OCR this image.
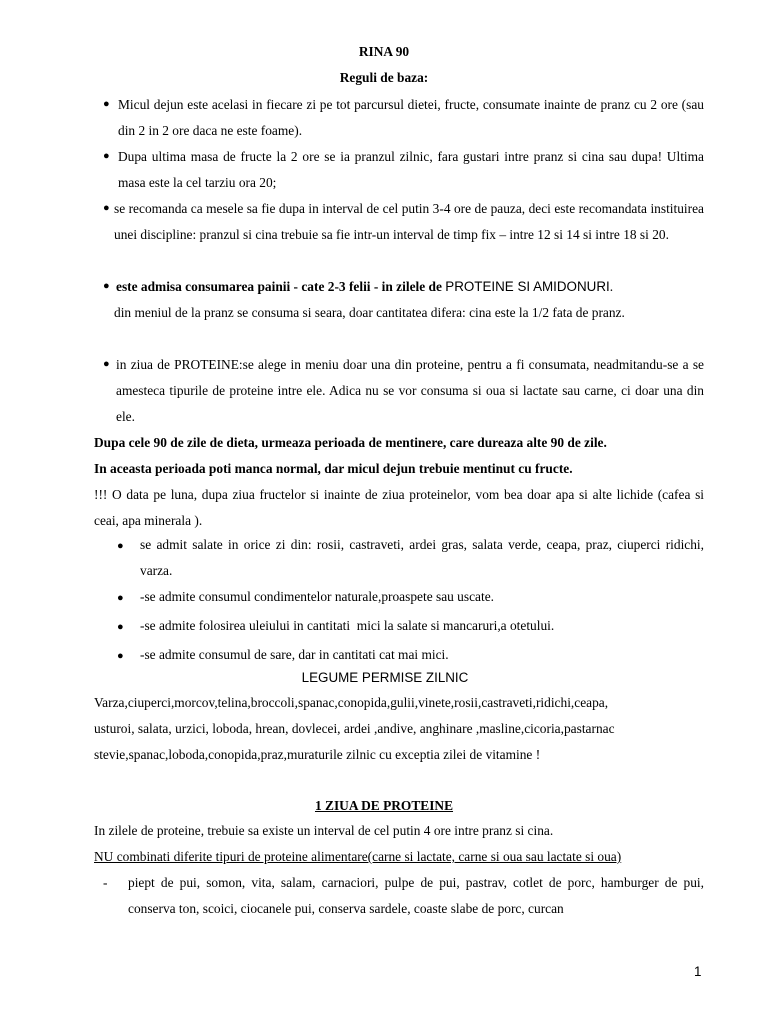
RINA 90
Reguli de baza:
● Micul dejun este acelasi in fiecare zi pe tot parcursul dietei, fructe, consumate inainte de pranz cu 2 ore (sau din 2 in 2 ore daca ne este foame).
● Dupa ultima masa de fructe la 2 ore se ia pranzul zilnic, fara gustari intre pranz si cina sau dupa! Ultima masa este la cel tarziu ora 20;
● se recomanda ca mesele sa fie dupa in interval de cel putin 3-4 ore de pauza, deci este recomandata instituirea unei discipline: pranzul si cina trebuie sa fie intr-un interval de timp fix – intre 12 si 14 si intre 18 si 20.
● este admisa consumarea painii - cate 2-3 felii - in zilele de PROTEINE SI AMIDONURI.
din meniul de la pranz se consuma si seara, doar cantitatea difera: cina este la 1/2 fata de pranz.
● in ziua de PROTEINE:se alege in meniu doar una din proteine, pentru a fi consumata, neadmitandu-se a se amesteca tipurile de proteine intre ele. Adica nu se vor consuma si oua si lactate sau carne, ci doar una din ele.
Dupa cele 90 de zile de dieta, urmeaza perioada de mentinere, care dureaza alte 90 de zile.
In aceasta perioada poti manca normal, dar micul dejun trebuie mentinut cu fructe.
!!! O data pe luna, dupa ziua fructelor si inainte de ziua proteinelor, vom bea doar apa si alte lichide (cafea si ceai, apa minerala ).
● se admit salate in orice zi din: rosii, castraveti, ardei gras, salata verde, ceapa, praz, ciuperci ridichi, varza.
● -se admite consumul condimentelor naturale,proaspete sau uscate.
● -se admite folosirea uleiului in cantitati  mici la salate si mancaruri,a otetului.
● -se admite consumul de sare, dar in cantitati cat mai mici.
LEGUME PERMISE ZILNIC
Varza,ciuperci,morcov,telina,broccoli,spanac,conopida,gulii,vinete,rosii,castraveti,ridichi,ceapa,
usturoi, salata, urzici, loboda, hrean, dovlecei, ardei ,andive, anghinare ,masline,cicoria,pastarnac
stevie,spanac,loboda,conopida,praz,muraturile zilnic cu exceptia zilei de vitamine !
1 ZIUA DE PROTEINE
In zilele de proteine, trebuie sa existe un interval de cel putin 4 ore intre pranz si cina.
NU combinati diferite tipuri de proteine alimentare(carne si lactate, carne si oua sau lactate si oua)
- piept de pui, somon, vita, salam, carnaciori, pulpe de pui, pastrav, cotlet de porc, hamburger de pui, conserva ton, scoici, ciocanele pui, conserva sardele, coaste slabe de porc, curcan
1
